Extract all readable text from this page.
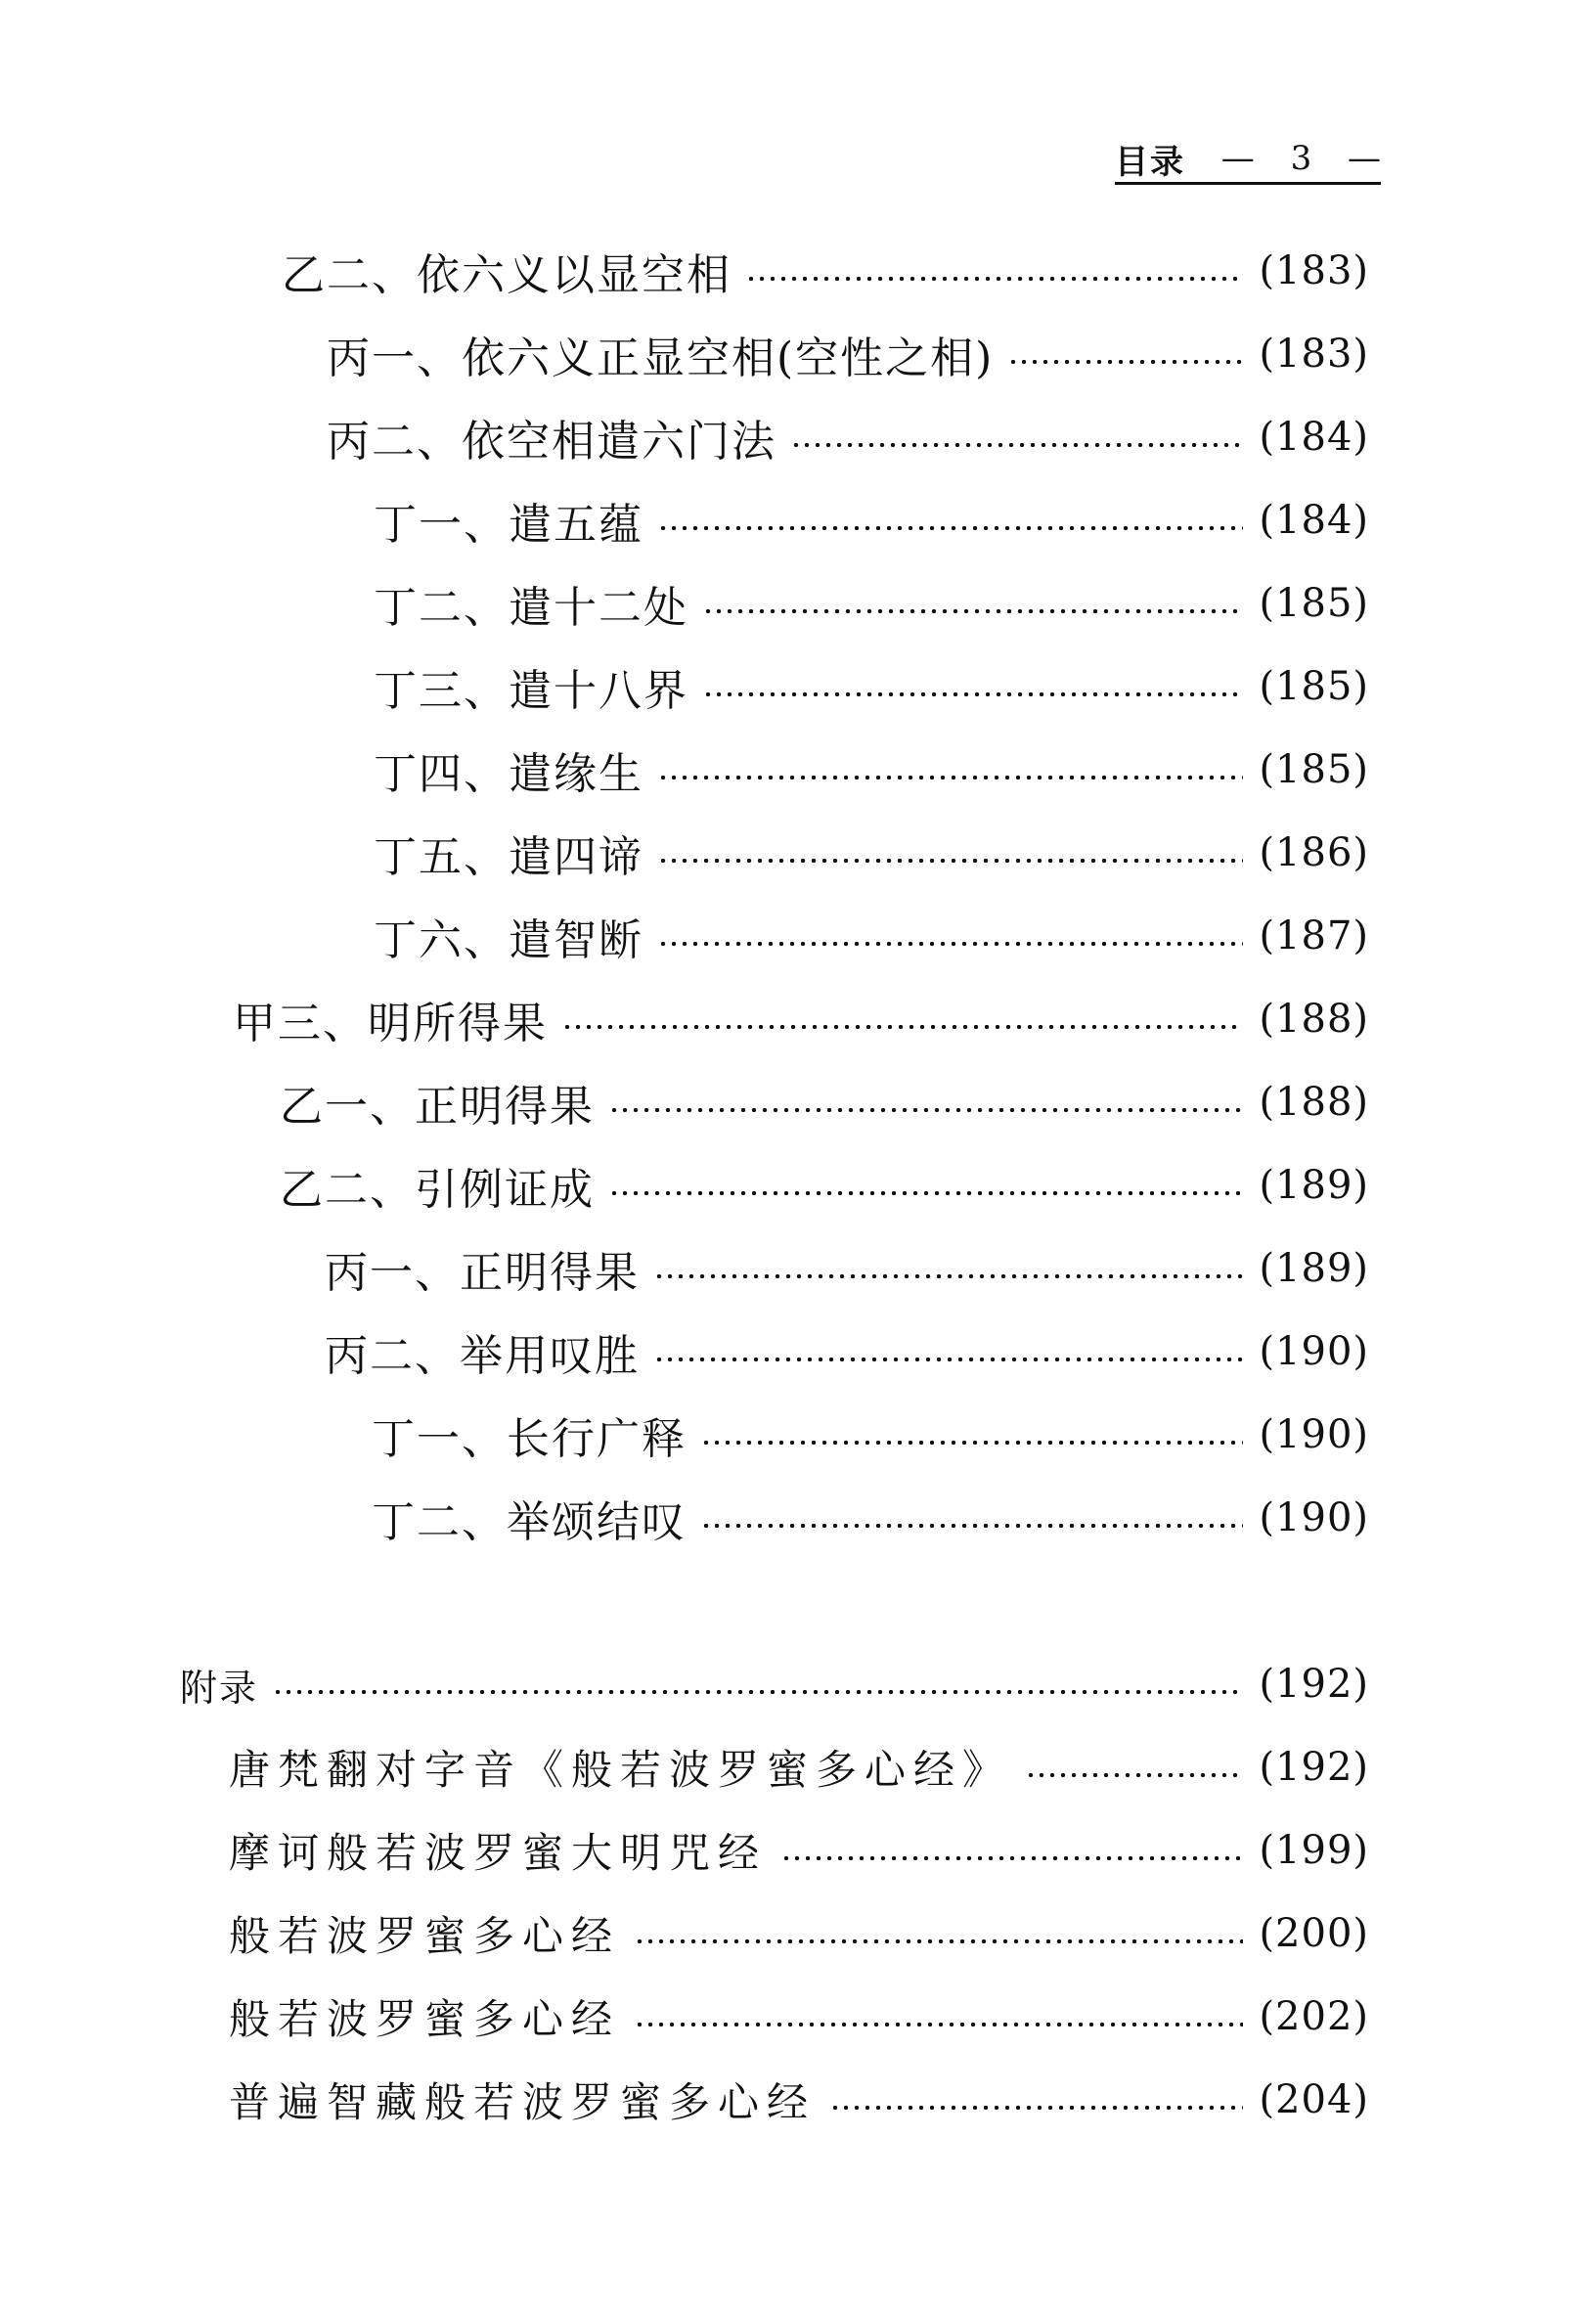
目录 — 3 —
乙二、依六义以显空相	(183)
丙一、依六义正显空相(空性之相)	(183)
丙二、依空相遣六门法	(184)
丁一、遣五蕴	(184)
丁二、遣十二处	(185)
丁三、遣十八界	(185)
丁四、遣缘生	(185)
丁五、遣四谛	(186)
丁六、遣智断	(187)
甲三、明所得果	(188)
乙一、正明得果	(188)
乙二、引例证成	(189)
丙一、正明得果	(189)
丙二、举用叹胜	(190)
丁一、长行广释	(190)
丁二、举颂结叹	(190)
附录	(192)
唐梵翻对字音《般若波罗蜜多心经》	(192)
摩诃般若波罗蜜大明咒经	(199)
般若波罗蜜多心经	(200)
般若波罗蜜多心经	(202)
普遍智藏般若波罗蜜多心经	(204)
